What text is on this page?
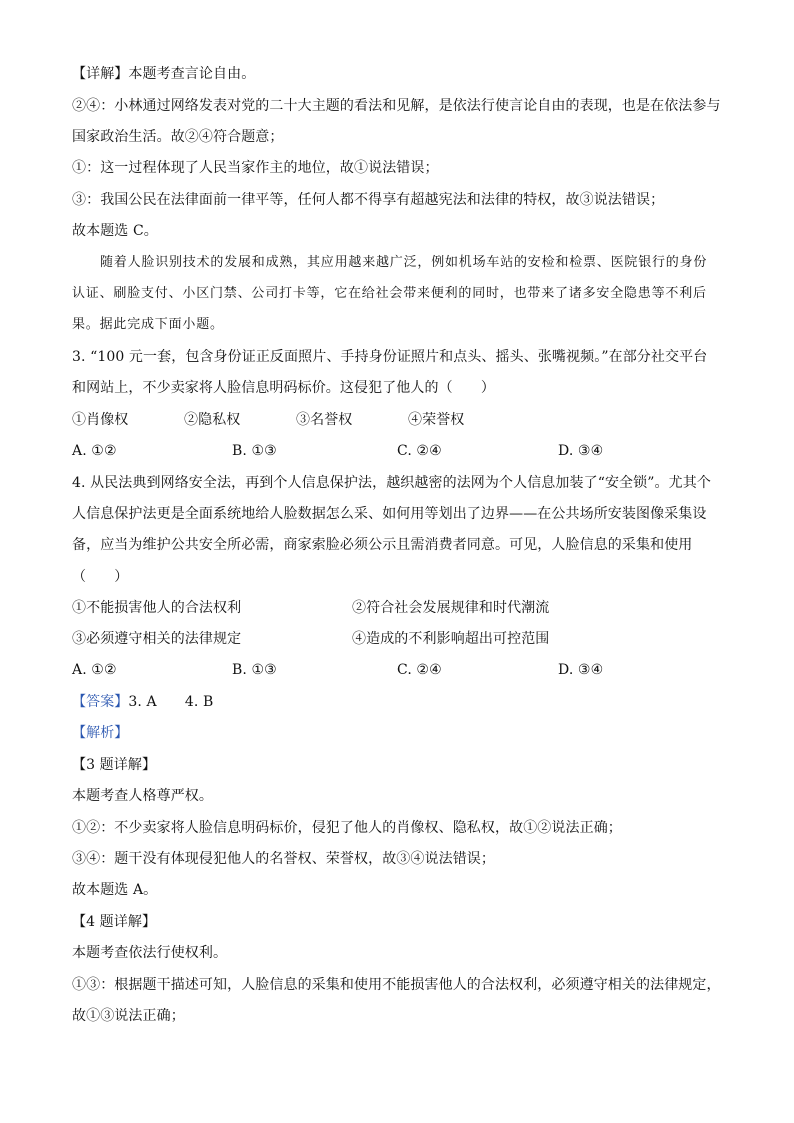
【详解】本题考查言论自由。
②④：小林通过网络发表对党的二十大主题的看法和见解，是依法行使言论自由的表现，也是在依法参与
国家政治生活。故②④符合题意；
①：这一过程体现了人民当家作主的地位，故①说法错误；
③：我国公民在法律面前一律平等，任何人都不得享有超越宪法和法律的特权，故③说法错误；
故本题选 C。
随着人脸识别技术的发展和成熟，其应用越来越广泛，例如机场车站的安检和检票、医院银行的身份
认证、刷脸支付、小区门禁、公司打卡等，它在给社会带来便利的同时，也带来了诸多安全隐患等不利后
果。据此完成下面小题。
3. “100 元一套，包含身份证正反面照片、手持身份证照片和点头、摇头、张嘴视频。”在部分社交平台
和网站上，不少卖家将人脸信息明码标价。这侵犯了他人的（　　）
①肖像权	②隐私权	③名誉权	④荣誉权
A. ①②	B. ①③	C. ②④	D. ③④
4. 从民法典到网络安全法，再到个人信息保护法，越织越密的法网为个人信息加装了“安全锁”。尤其个
人信息保护法更是全面系统地给人脸数据怎么采、如何用等划出了边界——在公共场所安装图像采集设
备，应当为维护公共安全所必需，商家索脸必须公示且需消费者同意。可见，人脸信息的采集和使用
（　　）
①不能损害他人的合法权利	②符合社会发展规律和时代潮流
③必须遵守相关的法律规定	④造成的不利影响超出可控范围
A. ①②	B. ①③	C. ②④	D. ③④
【答案】3. A　　4. B
【解析】
【3 题详解】
本题考查人格尊严权。
①②：不少卖家将人脸信息明码标价，侵犯了他人的肖像权、隐私权，故①②说法正确；
③④：题干没有体现侵犯他人的名誉权、荣誉权，故③④说法错误；
故本题选 A。
【4 题详解】
本题考查依法行使权利。
①③：根据题干描述可知，人脸信息的采集和使用不能损害他人的合法权利，必须遵守相关的法律规定，
故①③说法正确；
